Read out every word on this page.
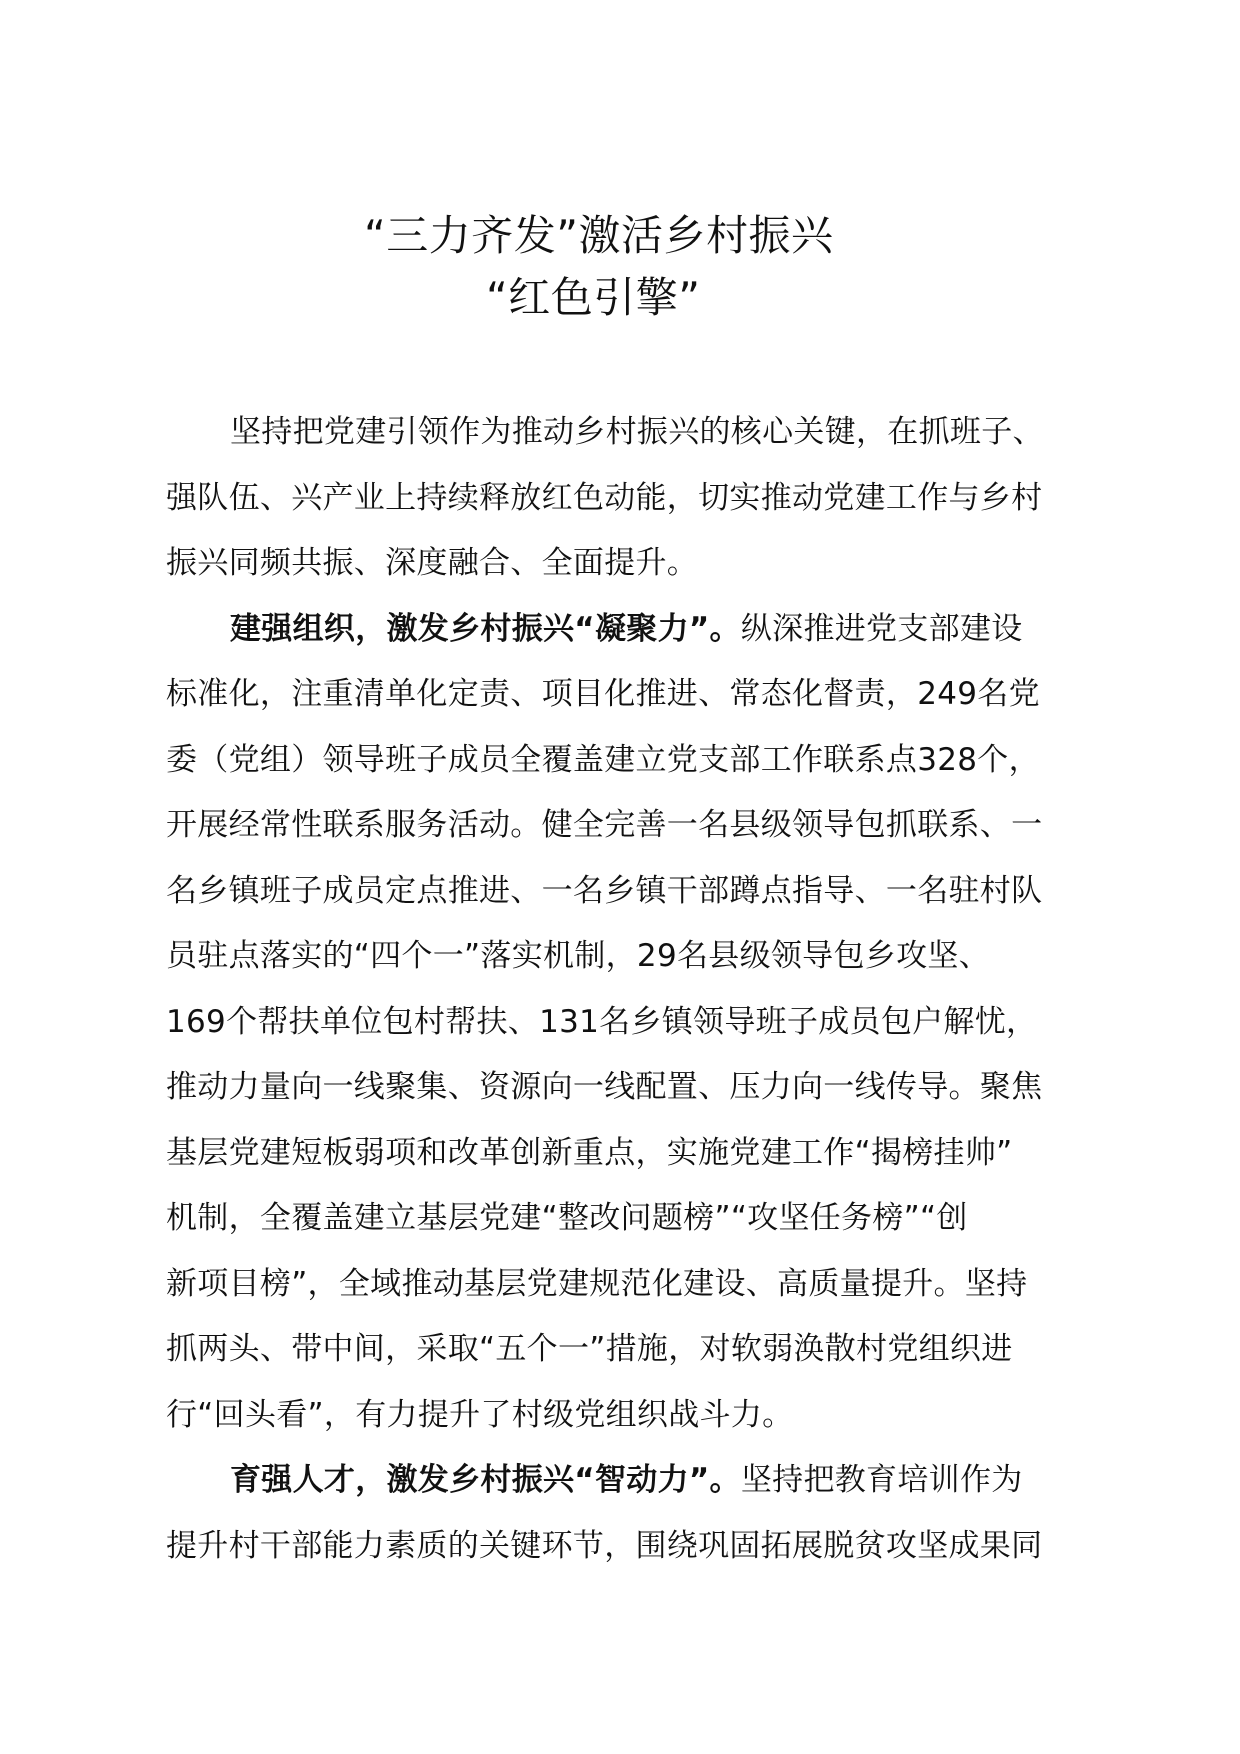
“三力齐发”激活乡村振兴
“红色引擎”
坚持把党建引领作为推动乡村振兴的核心关键，在抓班子、
强队伍、兴产业上持续释放红色动能，切实推动党建工作与乡村
振兴同频共振、深度融合、全面提升。
建强组织，激发乡村振兴“凝聚力”。纵深推进党支部建设
标准化，注重清单化定责、项目化推进、常态化督责，249名党
委（党组）领导班子成员全覆盖建立党支部工作联系点328个，
开展经常性联系服务活动。健全完善一名县级领导包抓联系、一
名乡镇班子成员定点推进、一名乡镇干部蹲点指导、一名驻村队
员驻点落实的“四个一”落实机制，29名县级领导包乡攻坚、
169个帮扶单位包村帮扶、131名乡镇领导班子成员包户解忧，
推动力量向一线聚集、资源向一线配置、压力向一线传导。聚焦
基层党建短板弱项和改革创新重点，实施党建工作“揭榜挂帅”
机制，全覆盖建立基层党建“整改问题榜”“攻坚任务榜”“创
新项目榜”，全域推动基层党建规范化建设、高质量提升。坚持
抓两头、带中间，采取“五个一”措施，对软弱涣散村党组织进
行“回头看”，有力提升了村级党组织战斗力。
育强人才，激发乡村振兴“智动力”。坚持把教育培训作为
提升村干部能力素质的关键环节，围绕巩固拓展脱贫攻坚成果同
